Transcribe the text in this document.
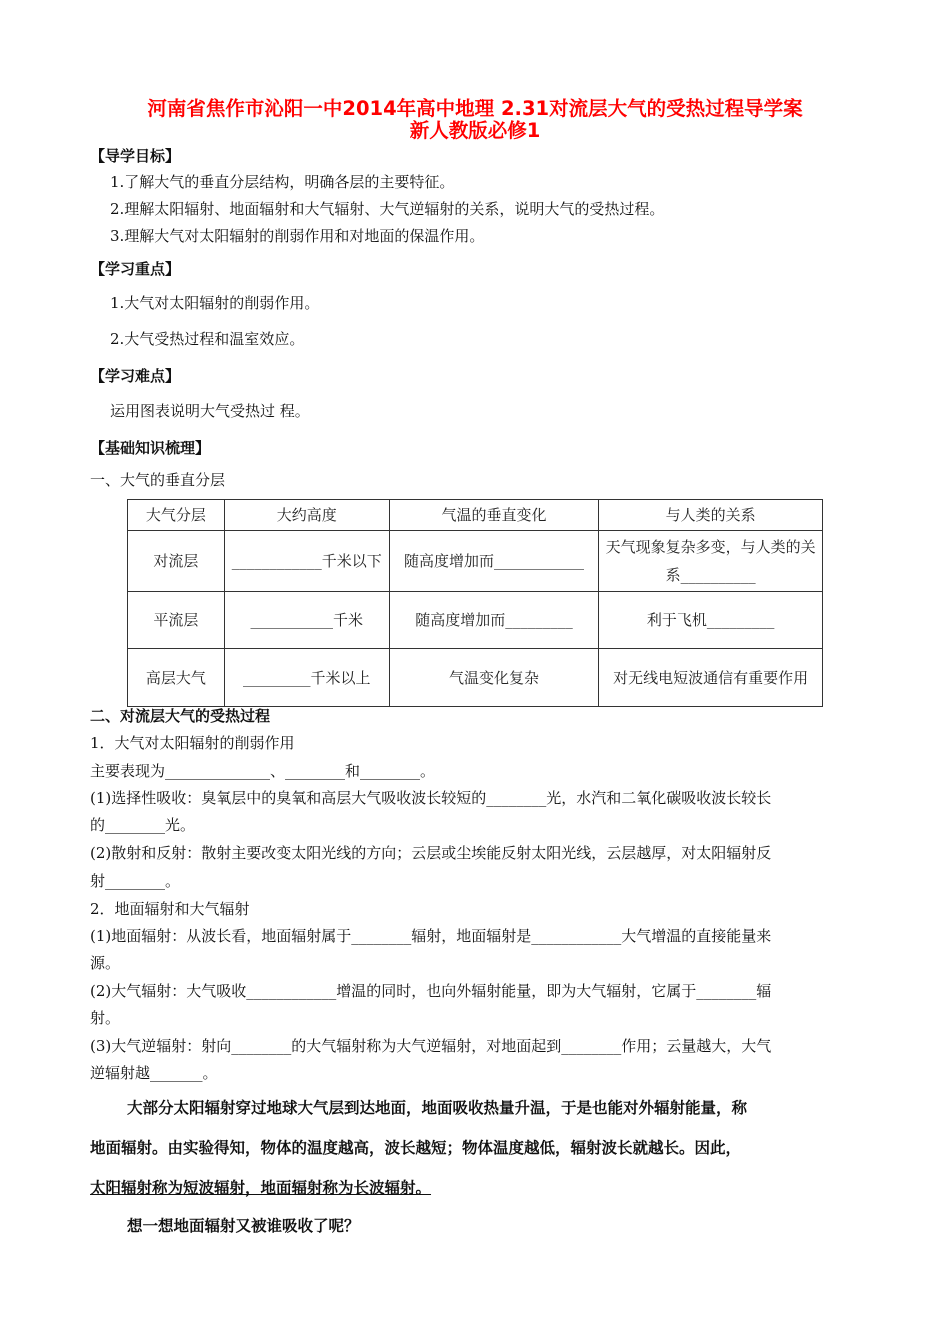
河南省焦作市沁阳一中2014年高中地理 2.31对流层大气的受热过程导学案
新人教版必修1
【导学目标】
1.了解大气的垂直分层结构，明确各层的主要特征。
2.理解太阳辐射、地面辐射和大气辐射、大气逆辐射的关系，说明大气的受热过程。
3.理解大气对太阳辐射的削弱作用和对地面的保温作用。
【学习重点】
1.大气对太阳辐射的削弱作用。
2.大气受热过程和温室效应。
【学习难点】
运用图表说明大气受热过 程。
【基础知识梳理】
一、大气的垂直分层
大气分层	大约高度	气温的垂直变化	与人类的关系
对流层	____________千米以下	随高度增加而____________	天气现象复杂多变，与人类的关系__________
平流层	___________千米	随高度增加而_________	利于飞机_________
高层大气	_________千米以上	气温变化复杂	对无线电短波通信有重要作用
二、对流层大气的受热过程
1．大气对太阳辐射的削弱作用
主要表现为______________、________和________。
(1)选择性吸收：臭氧层中的臭氧和高层大气吸收波长较短的________光，水汽和二氧化碳吸收波长较长
的________光。
(2)散射和反射：散射主要改变太阳光线的方向；云层或尘埃能反射太阳光线，云层越厚，对太阳辐射反
射________。
2．地面辐射和大气辐射
(1)地面辐射：从波长看，地面辐射属于________辐射，地面辐射是____________大气增温的直接能量来
源。
(2)大气辐射：大气吸收____________增温的同时，也向外辐射能量，即为大气辐射，它属于________辐
射。
(3)大气逆辐射：射向________的大气辐射称为大气逆辐射，对地面起到________作用；云量越大，大气
逆辐射越_______。
大部分太阳辐射穿过地球大气层到达地面，地面吸收热量升温，于是也能对外辐射能量，称
地面辐射。由实验得知，物体的温度越高，波长越短；物体温度越低，辐射波长就越长。因此，
太阳辐射称为短波辐射，地面辐射称为长波辐射。
想一想地面辐射又被谁吸收了呢？
